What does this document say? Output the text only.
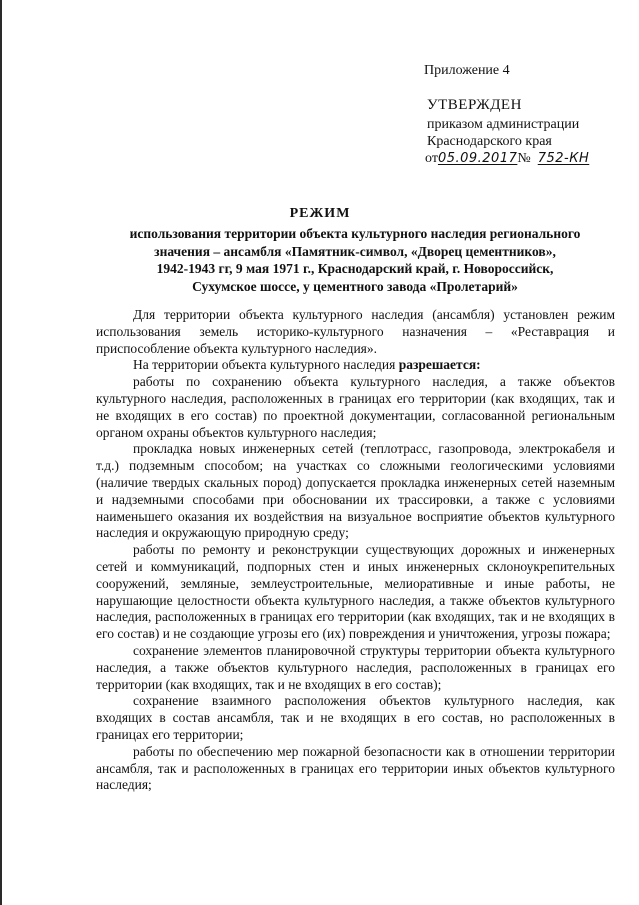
Приложение 4
УТВЕРЖДЕН
приказом администрации
Краснодарского края
от05.09.2017№ 752-КН
РЕЖИМ
использования территории объекта культурного наследия регионального
значения – ансамбля «Памятник-символ, «Дворец цементников»,
1942-1943 гг, 9 мая 1971 г., Краснодарский край, г. Новороссийск,
Сухумское шоссе, у цементного завода «Пролетарий»

Для территории объекта культурного наследия (ансамбля) установлен режим использования земель историко-культурного назначения – «Реставрация и приспособление объекта культурного наследия».

На территории объекта культурного наследия разрешается:

работы по сохранению объекта культурного наследия, а также объектов культурного наследия, расположенных в границах его территории (как входящих, так и не входящих в его состав) по проектной документации, согласованной региональным органом охраны объектов культурного наследия;

прокладка новых инженерных сетей (теплотрасс, газопровода, электрокабеля и т.д.) подземным способом; на участках со сложными геологическими условиями (наличие твердых скальных пород) допускается прокладка инженерных сетей наземным и надземными способами при обосновании их трассировки, а также с условиями наименьшего оказания их воздействия на визуальное восприятие объектов культурного наследия и окружающую природную среду;

работы по ремонту и реконструкции существующих дорожных и инженерных сетей и коммуникаций, подпорных стен и иных инженерных склоноукрепительных сооружений, земляные, землеустроительные, мелиоративные и иные работы, не нарушающие целостности объекта культурного наследия, а также объектов культурного наследия, расположенных в границах его территории (как входящих, так и не входящих в его состав) и не создающие угрозы его (их) повреждения и уничтожения, угрозы пожара;

сохранение элементов планировочной структуры территории объекта культурного наследия, а также объектов культурного наследия, расположенных в границах его территории (как входящих, так и не входящих в его состав);

сохранение взаимного расположения объектов культурного наследия, как входящих в состав ансамбля, так и не входящих в его состав, но расположенных в границах его территории;

работы по обеспечению мер пожарной безопасности как в отношении территории ансамбля, так и расположенных в границах его территории иных объектов культурного наследия;
